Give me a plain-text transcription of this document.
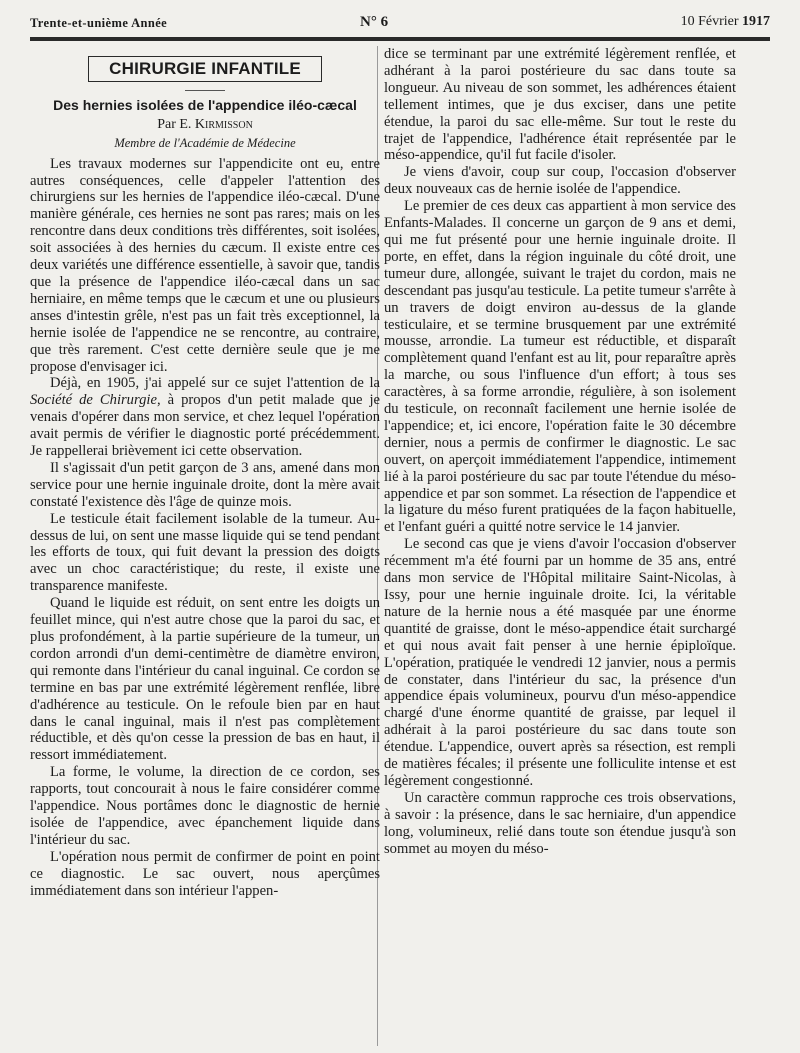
Trente-et-unième Année	N° 6	10 Février 1917
CHIRURGIE INFANTILE
Des hernies isolées de l'appendice iléo-cæcal
Par E. Kirmisson
Membre de l'Académie de Médecine

Les travaux modernes sur l'appendicite ont eu, entre autres conséquences, celle d'appeler l'attention des chirurgiens sur les hernies de l'appendice iléo-cæcal. D'une manière générale, ces hernies ne sont pas rares; mais on les rencontre dans deux conditions très différentes, soit isolées, soit associées à des hernies du cæcum. Il existe entre ces deux variétés une différence essentielle, à savoir que, tandis que la présence de l'appendice iléo-cæcal dans un sac herniaire, en même temps que le cæcum et une ou plusieurs anses d'intestin grêle, n'est pas un fait très exceptionnel, la hernie isolée de l'appendice ne se rencontre, au contraire, que très rarement. C'est cette dernière seule que je me propose d'envisager ici.

Déjà, en 1905, j'ai appelé sur ce sujet l'attention de la Société de Chirurgie, à propos d'un petit malade que je venais d'opérer dans mon service, et chez lequel l'opération avait permis de vérifier le diagnostic porté précédemment. Je rappellerai brièvement ici cette observation.

Il s'agissait d'un petit garçon de 3 ans, amené dans mon service pour une hernie inguinale droite, dont la mère avait constaté l'existence dès l'âge de quinze mois.

Le testicule était facilement isolable de la tumeur. Au-dessus de lui, on sent une masse liquide qui se tend pendant les efforts de toux, qui fuit devant la pression des doigts avec un choc caractéristique; du reste, il existe une transparence manifeste.

Quand le liquide est réduit, on sent entre les doigts un feuillet mince, qui n'est autre chose que la paroi du sac, et plus profondément, à la partie supérieure de la tumeur, un cordon arrondi d'un demi-centimètre de diamètre environ, qui remonte dans l'intérieur du canal inguinal. Ce cordon se termine en bas par une extrémité légèrement renflée, libre d'adhérence au testicule. On le refoule bien par en haut dans le canal inguinal, mais il n'est pas complètement réductible, et dès qu'on cesse la pression de bas en haut, il ressort immédiatement.

La forme, le volume, la direction de ce cordon, ses rapports, tout concourait à nous le faire considérer comme l'appendice. Nous portâmes donc le diagnostic de hernie isolée de l'appendice, avec épanchement liquide dans l'intérieur du sac.

L'opération nous permit de confirmer de point en point ce diagnostic. Le sac ouvert, nous aperçûmes immédiatement dans son intérieur l'appen-

dice se terminant par une extrémité légèrement renflée, et adhérant à la paroi postérieure du sac dans toute sa longueur. Au niveau de son sommet, les adhérences étaient tellement intimes, que je dus exciser, dans une petite étendue, la paroi du sac elle-même. Sur tout le reste du trajet de l'appendice, l'adhérence était représentée par le méso-appendice, qu'il fut facile d'isoler.

Je viens d'avoir, coup sur coup, l'occasion d'observer deux nouveaux cas de hernie isolée de l'appendice.

Le premier de ces deux cas appartient à mon service des Enfants-Malades. Il concerne un garçon de 9 ans et demi, qui me fut présenté pour une hernie inguinale droite. Il porte, en effet, dans la région inguinale du côté droit, une tumeur dure, allongée, suivant le trajet du cordon, mais ne descendant pas jusqu'au testicule. La petite tumeur s'arrête à un travers de doigt environ au-dessus de la glande testiculaire, et se termine brusquement par une extrémité mousse, arrondie. La tumeur est réductible, et disparaît complètement quand l'enfant est au lit, pour reparaître après la marche, ou sous l'influence d'un effort; à tous ses caractères, à sa forme arrondie, régulière, à son isolement du testicule, on reconnaît facilement une hernie isolée de l'appendice; et, ici encore, l'opération faite le 30 décembre dernier, nous a permis de confirmer le diagnostic. Le sac ouvert, on aperçoit immédiatement l'appendice, intimement lié à la paroi postérieure du sac par toute l'étendue du méso-appendice et par son sommet. La résection de l'appendice et la ligature du méso furent pratiquées de la façon habituelle, et l'enfant guéri a quitté notre service le 14 janvier.

Le second cas que je viens d'avoir l'occasion d'observer récemment m'a été fourni par un homme de 35 ans, entré dans mon service de l'Hôpital militaire Saint-Nicolas, à Issy, pour une hernie inguinale droite. Ici, la véritable nature de la hernie nous a été masquée par une énorme quantité de graisse, dont le méso-appendice était surchargé et qui nous avait fait penser à une hernie épiploïque. L'opération, pratiquée le vendredi 12 janvier, nous a permis de constater, dans l'intérieur du sac, la présence d'un appendice épais volumineux, pourvu d'un méso-appendice chargé d'une énorme quantité de graisse, par lequel il adhérait à la paroi postérieure du sac dans toute son étendue. L'appendice, ouvert après sa résection, est rempli de matières fécales; il présente une folliculite intense et est légèrement congestionné.

Un caractère commun rapproche ces trois observations, à savoir : la présence, dans le sac herniaire, d'un appendice long, volumineux, relié dans toute son étendue jusqu'à son sommet au moyen du méso-
